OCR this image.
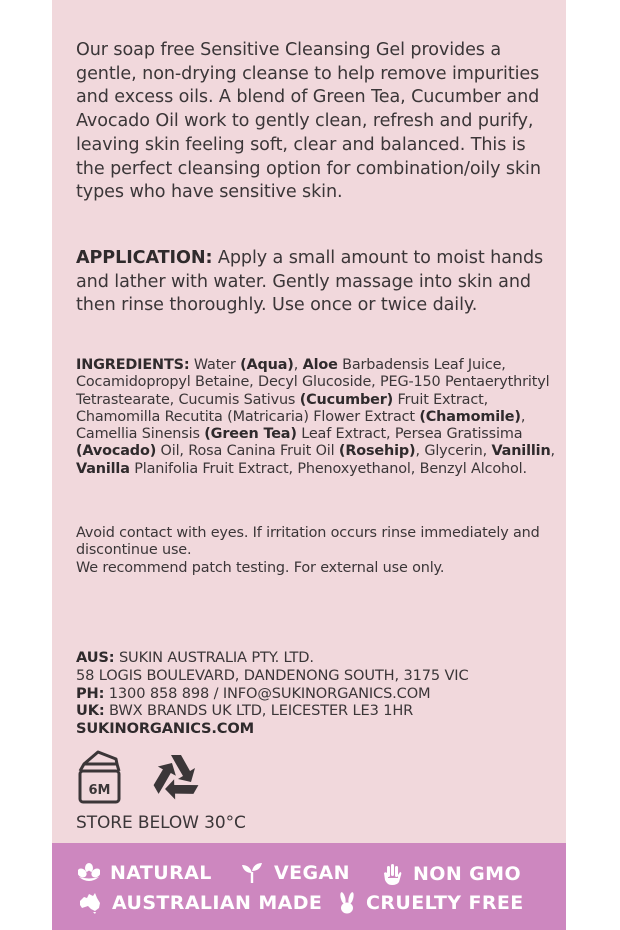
Our soap free Sensitive Cleansing Gel provides a gentle, non-drying cleanse to help remove impurities and excess oils. A blend of Green Tea, Cucumber and Avocado Oil work to gently clean, refresh and purify, leaving skin feeling soft, clear and balanced. This is the perfect cleansing option for combination/oily skin types who have sensitive skin.

APPLICATION: Apply a small amount to moist hands and lather with water. Gently massage into skin and then rinse thoroughly. Use once or twice daily.

INGREDIENTS: Water (Aqua), Aloe Barbadensis Leaf Juice, Cocamidopropyl Betaine, Decyl Glucoside, PEG-150 Pentaerythrityl Tetrastearate, Cucumis Sativus (Cucumber) Fruit Extract, Chamomilla Recutita (Matricaria) Flower Extract (Chamomile), Camellia Sinensis (Green Tea) Leaf Extract, Persea Gratissima (Avocado) Oil, Rosa Canina Fruit Oil (Rosehip), Glycerin, Vanillin, Vanilla Planifolia Fruit Extract, Phenoxyethanol, Benzyl Alcohol.

Avoid contact with eyes. If irritation occurs rinse immediately and discontinue use.
We recommend patch testing. For external use only.

AUS: SUKIN AUSTRALIA PTY. LTD.
58 LOGIS BOULEVARD, DANDENONG SOUTH, 3175 VIC
PH: 1300 858 898 / INFO@SUKINORGANICS.COM
UK: BWX BRANDS UK LTD, LEICESTER LE3 1HR
SUKINORGANICS.COM
6M
STORE BELOW 30°C
NATURAL	VEGAN	NON GMO
AUSTRALIAN MADE CRUELTY FREE
